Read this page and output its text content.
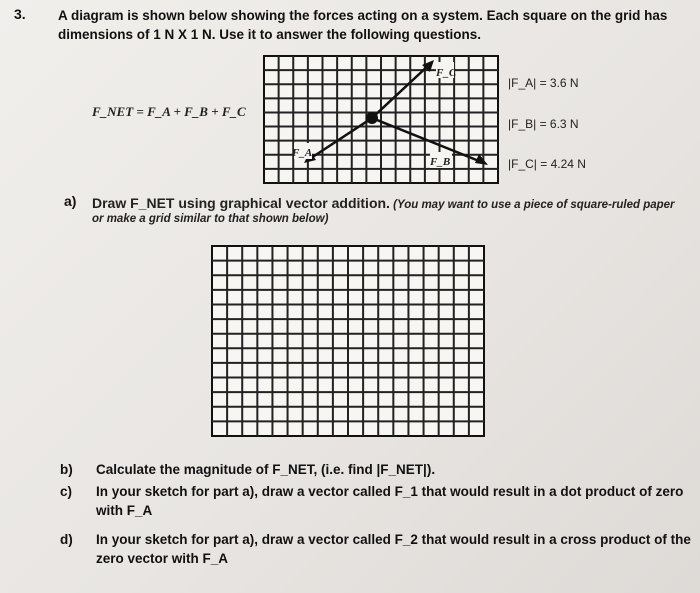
3. A diagram is shown below showing the forces acting on a system. Each square on the grid has dimensions of 1 N X 1 N. Use it to answer the following questions.
F_NET = F_A + F_B + F_C
F_A
F_B
F_C
|F_A| = 3.6 N
|F_B| = 6.3 N
|F_C| = 4.24 N
a) Draw F_NET using graphical vector addition. (You may want to use a piece of square-ruled paper or make a grid similar to that shown below)
b) Calculate the magnitude of F_NET, (i.e. find |F_NET|).
c) In your sketch for part a), draw a vector called F_1 that would result in a dot product of zero with F_A
d) In your sketch for part a), draw a vector called F_2 that would result in a cross product of the zero vector with F_A
